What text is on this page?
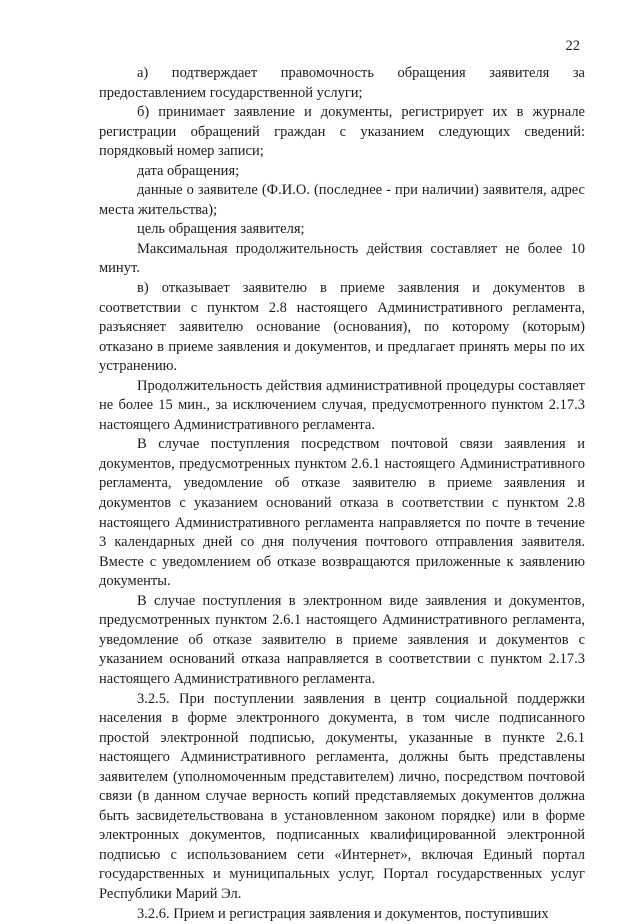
22

а) подтверждает правомочность обращения заявителя за предоставлением государственной услуги;

б) принимает заявление и документы, регистрирует их в журнале регистрации обращений граждан с указанием следующих сведений: порядковый номер записи;

дата обращения;

данные о заявителе (Ф.И.О. (последнее - при наличии) заявителя, адрес места жительства);

цель обращения заявителя;

Максимальная продолжительность действия составляет не более 10 минут.

в) отказывает заявителю в приеме заявления и документов в соответствии с пунктом 2.8 настоящего Административного регламента, разъясняет заявителю основание (основания), по которому (которым) отказано в приеме заявления и документов, и предлагает принять меры по их устранению.

Продолжительность действия административной процедуры составляет не более 15 мин., за исключением случая, предусмотренного пунктом 2.17.3 настоящего Административного регламента.

В случае поступления посредством почтовой связи заявления и документов, предусмотренных пунктом 2.6.1 настоящего Административного регламента, уведомление об отказе заявителю в приеме заявления и документов с указанием оснований отказа в соответствии с пунктом 2.8 настоящего Административного регламента направляется по почте в течение 3 календарных дней со дня получения почтового отправления заявителя. Вместе с уведомлением об отказе возвращаются приложенные к заявлению документы.

В случае поступления в электронном виде заявления и документов, предусмотренных пунктом 2.6.1 настоящего Административного регламента, уведомление об отказе заявителю в приеме заявления и документов с указанием оснований отказа направляется в соответствии с пунктом 2.17.3 настоящего Административного регламента.

3.2.5. При поступлении заявления в центр социальной поддержки населения в форме электронного документа, в том числе подписанного простой электронной подписью, документы, указанные в пункте 2.6.1 настоящего Административного регламента, должны быть представлены заявителем (уполномоченным представителем) лично, посредством почтовой связи (в данном случае верность копий представляемых документов должна быть засвидетельствована в установленном законом порядке) или в форме электронных документов, подписанных квалифицированной электронной подписью с использованием сети «Интернет», включая Единый портал государственных и муниципальных услуг, Портал государственных услуг Республики Марий Эл.

3.2.6. Прием и регистрация заявления и документов, поступивших
